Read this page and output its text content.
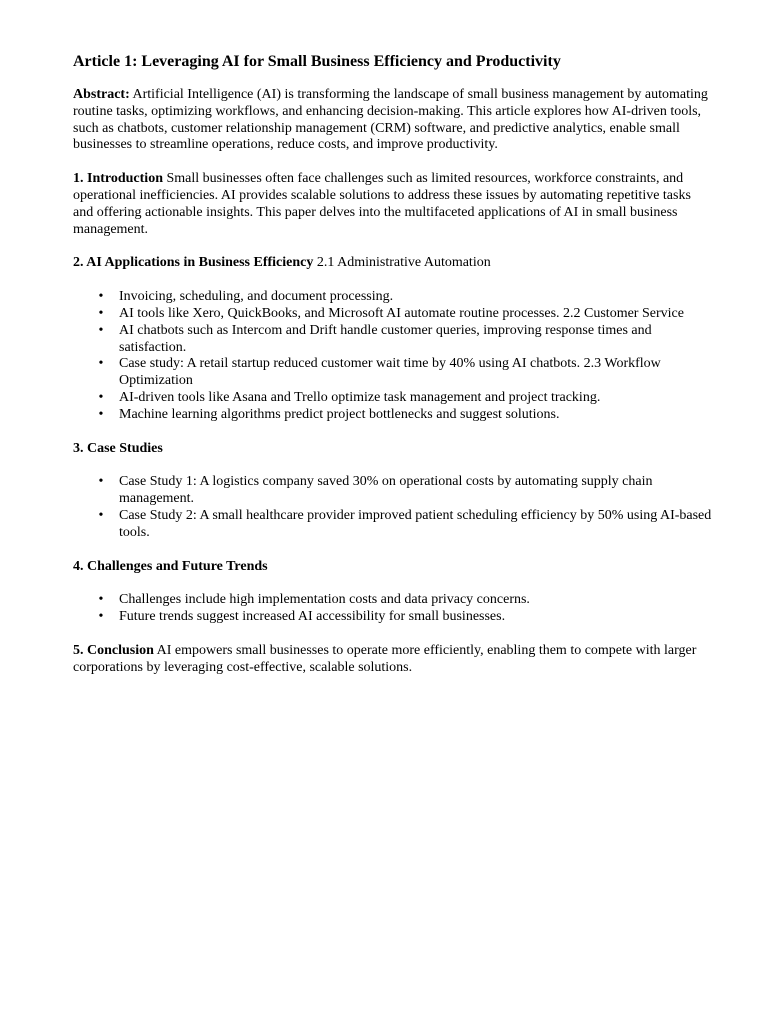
Article 1: Leveraging AI for Small Business Efficiency and Productivity

Abstract: Artificial Intelligence (AI) is transforming the landscape of small business management by automating routine tasks, optimizing workflows, and enhancing decision-making. This article explores how AI-driven tools, such as chatbots, customer relationship management (CRM) software, and predictive analytics, enable small businesses to streamline operations, reduce costs, and improve productivity.

1. Introduction Small businesses often face challenges such as limited resources, workforce constraints, and operational inefficiencies. AI provides scalable solutions to address these issues by automating repetitive tasks and offering actionable insights. This paper delves into the multifaceted applications of AI in small business management.

2. AI Applications in Business Efficiency 2.1 Administrative Automation

• Invoicing, scheduling, and document processing.
• AI tools like Xero, QuickBooks, and Microsoft AI automate routine processes. 2.2 Customer Service
• AI chatbots such as Intercom and Drift handle customer queries, improving response times and satisfaction.
• Case study: A retail startup reduced customer wait time by 40% using AI chatbots. 2.3 Workflow Optimization
• AI-driven tools like Asana and Trello optimize task management and project tracking.
• Machine learning algorithms predict project bottlenecks and suggest solutions.

3. Case Studies

• Case Study 1: A logistics company saved 30% on operational costs by automating supply chain management.
• Case Study 2: A small healthcare provider improved patient scheduling efficiency by 50% using AI-based tools.

4. Challenges and Future Trends

• Challenges include high implementation costs and data privacy concerns.
• Future trends suggest increased AI accessibility for small businesses.

5. Conclusion AI empowers small businesses to operate more efficiently, enabling them to compete with larger corporations by leveraging cost-effective, scalable solutions.
